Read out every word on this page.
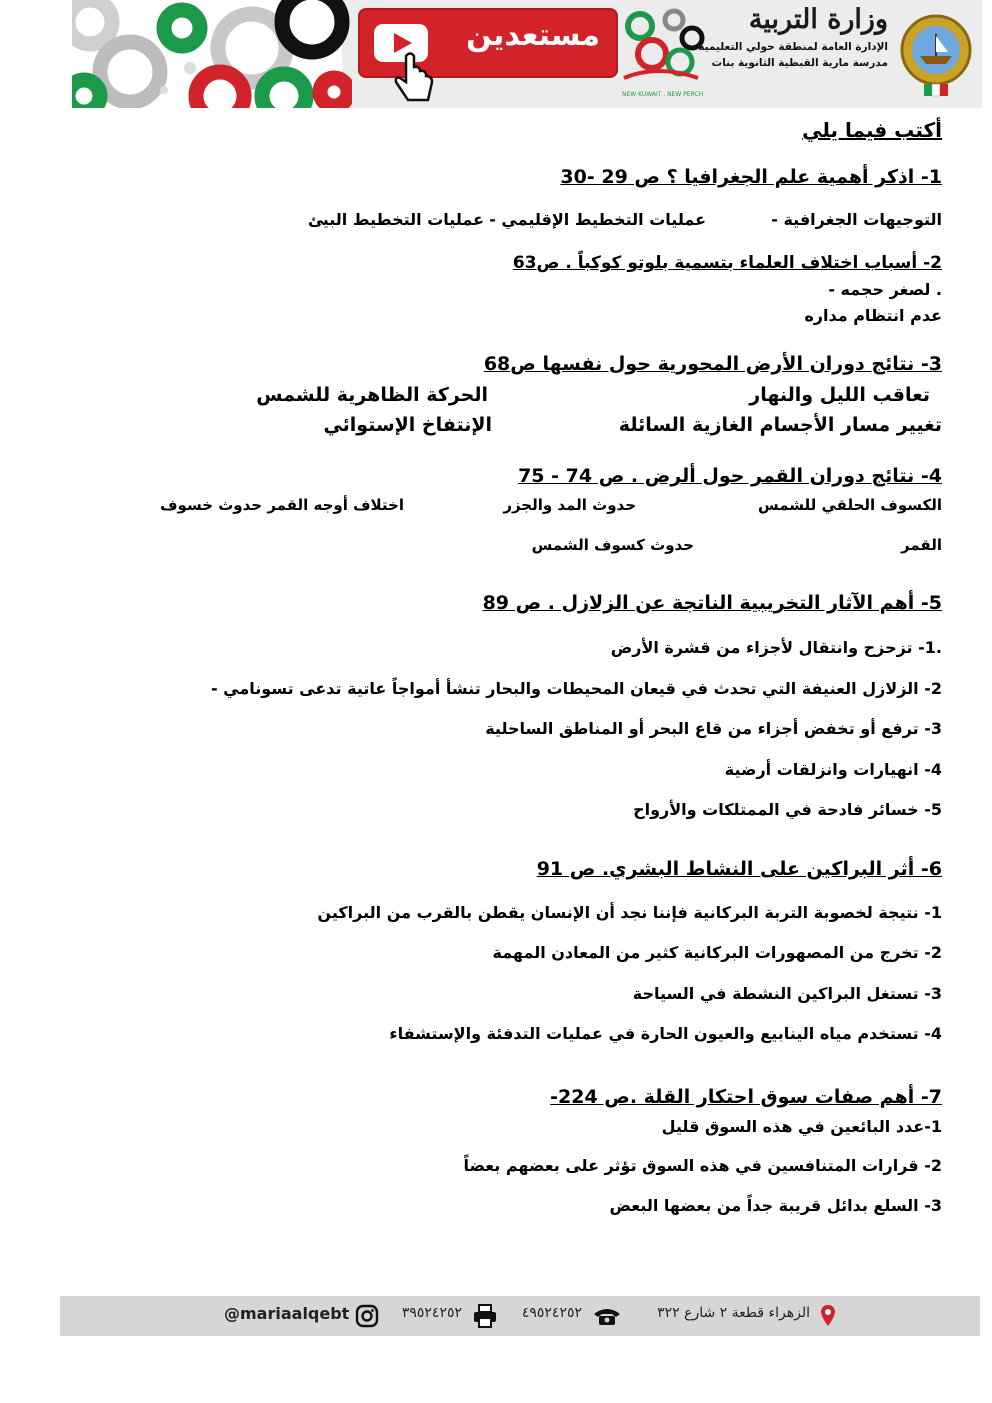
مستعدين
NEW KUWAIT . NEW PERCH
وزارة التربية
الإدارة العامة لمنطقة حولي التعليمية
مدرسة مارية القبطية الثانوية بنات
أكتب فيما يلي
1- اذكر أهمية علم الجغرافيا ؟ ص 29 -30
التوجيهات الجغرافية -
عمليات التخطيط الإقليمي -
عمليات التخطيط البيئ
2- أسباب اختلاف العلماء بتسمية بلوتو كوكباً . ص63
. لصغر حجمه -
عدم انتظام مداره
3- نتائج دوران الأرض المحورية حول نفسها ص68
تعاقب الليل والنهار
الحركة الظاهرية للشمس
تغيير مسار الأجسام الغازية السائلة
الإنتفاخ الإستوائي
4- نتائج دوران القمر حول ألرض . ص 74 - 75
الكسوف الحلقي للشمس
حدوث المد والجزر
اختلاف أوجه القمر حدوث خسوف
القمر
حدوث كسوف الشمس
5- أهم الآثار التخريبية الناتجة عن الزلازل . ص 89
.1- تزحزح وانتقال لأجزاء من قشرة الأرض
2- الزلازل العنيفة التي تحدث في قيعان المحيطات والبحار تنشأ أمواجاً عاتية تدعى تسونامي -
3- ترفع أو تخفض أجزاء من قاع البحر أو المناطق الساحلية
4- انهيارات وانزلقات أرضية
5- خسائر فادحة في الممتلكات والأرواح
6- أثر البراكين على النشاط البشري. ص 91
1- نتيجة لخصوبة التربة البركانية فإننا نجد أن الإنسان يقطن بالقرب من البراكين
2- تخرج من المصهورات البركانية كثير من المعادن المهمة
3- تستغل البراكين النشطة في السياحة
4- تستخدم مياه الينابيع والعيون الحارة في عمليات التدفئة والإستشفاء
7- أهم صفات سوق احتكار القلة .ص 224-
1-عدد البائعين في هذه السوق قليل
2- قرارات المتنافسين في هذه السوق تؤثر على بعضهم بعضاً
3- السلع بدائل قريبة جداً من بعضها البعض
الزهراء قطعة ٢ شارع ٣٢٢
٤٩٥٢٤٢٥٢
٣٩٥٢٤٢٥٢
@mariaalqebt
